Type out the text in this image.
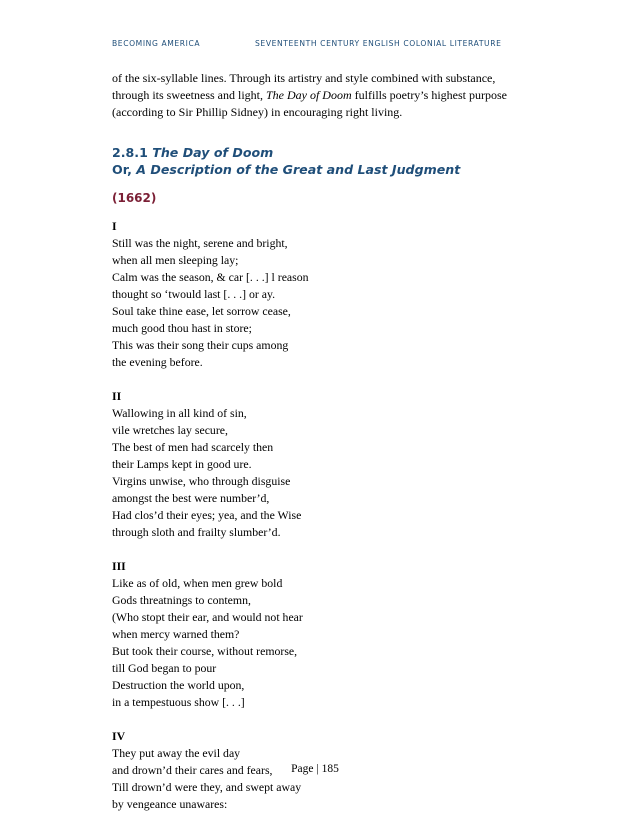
BECOMING AMERICA	SEVENTEENTH CENTURY ENGLISH COLONIAL LITERATURE

of the six-syllable lines. Through its artistry and style combined with substance, through its sweetness and light, The Day of Doom fulfills poetry’s highest purpose (according to Sir Phillip Sidney) in encouraging right living.

2.8.1 The Day of Doom
Or, A Description of the Great and Last Judgment
(1662)
I
Still was the night, serene and bright,
when all men sleeping lay;
Calm was the season, & car [. . .] l reason
thought so ‘twould last [. . .] or ay.
Soul take thine ease, let sorrow cease,
much good thou hast in store;
This was their song their cups among
the evening before.
II
Wallowing in all kind of sin,
vile wretches lay secure,
The best of men had scarcely then
their Lamps kept in good ure.
Virgins unwise, who through disguise
amongst the best were number’d,
Had clos’d their eyes; yea, and the Wise
through sloth and frailty slumber’d.
III
Like as of old, when men grew bold
Gods threatnings to contemn,
(Who stopt their ear, and would not hear
when mercy warned them?
But took their course, without remorse,
till God began to pour
Destruction the world upon,
in a tempestuous show [. . .]
IV
They put away the evil day
and drown’d their cares and fears,
Till drown’d were they, and swept away
by vengeance unawares:
Page | 185
